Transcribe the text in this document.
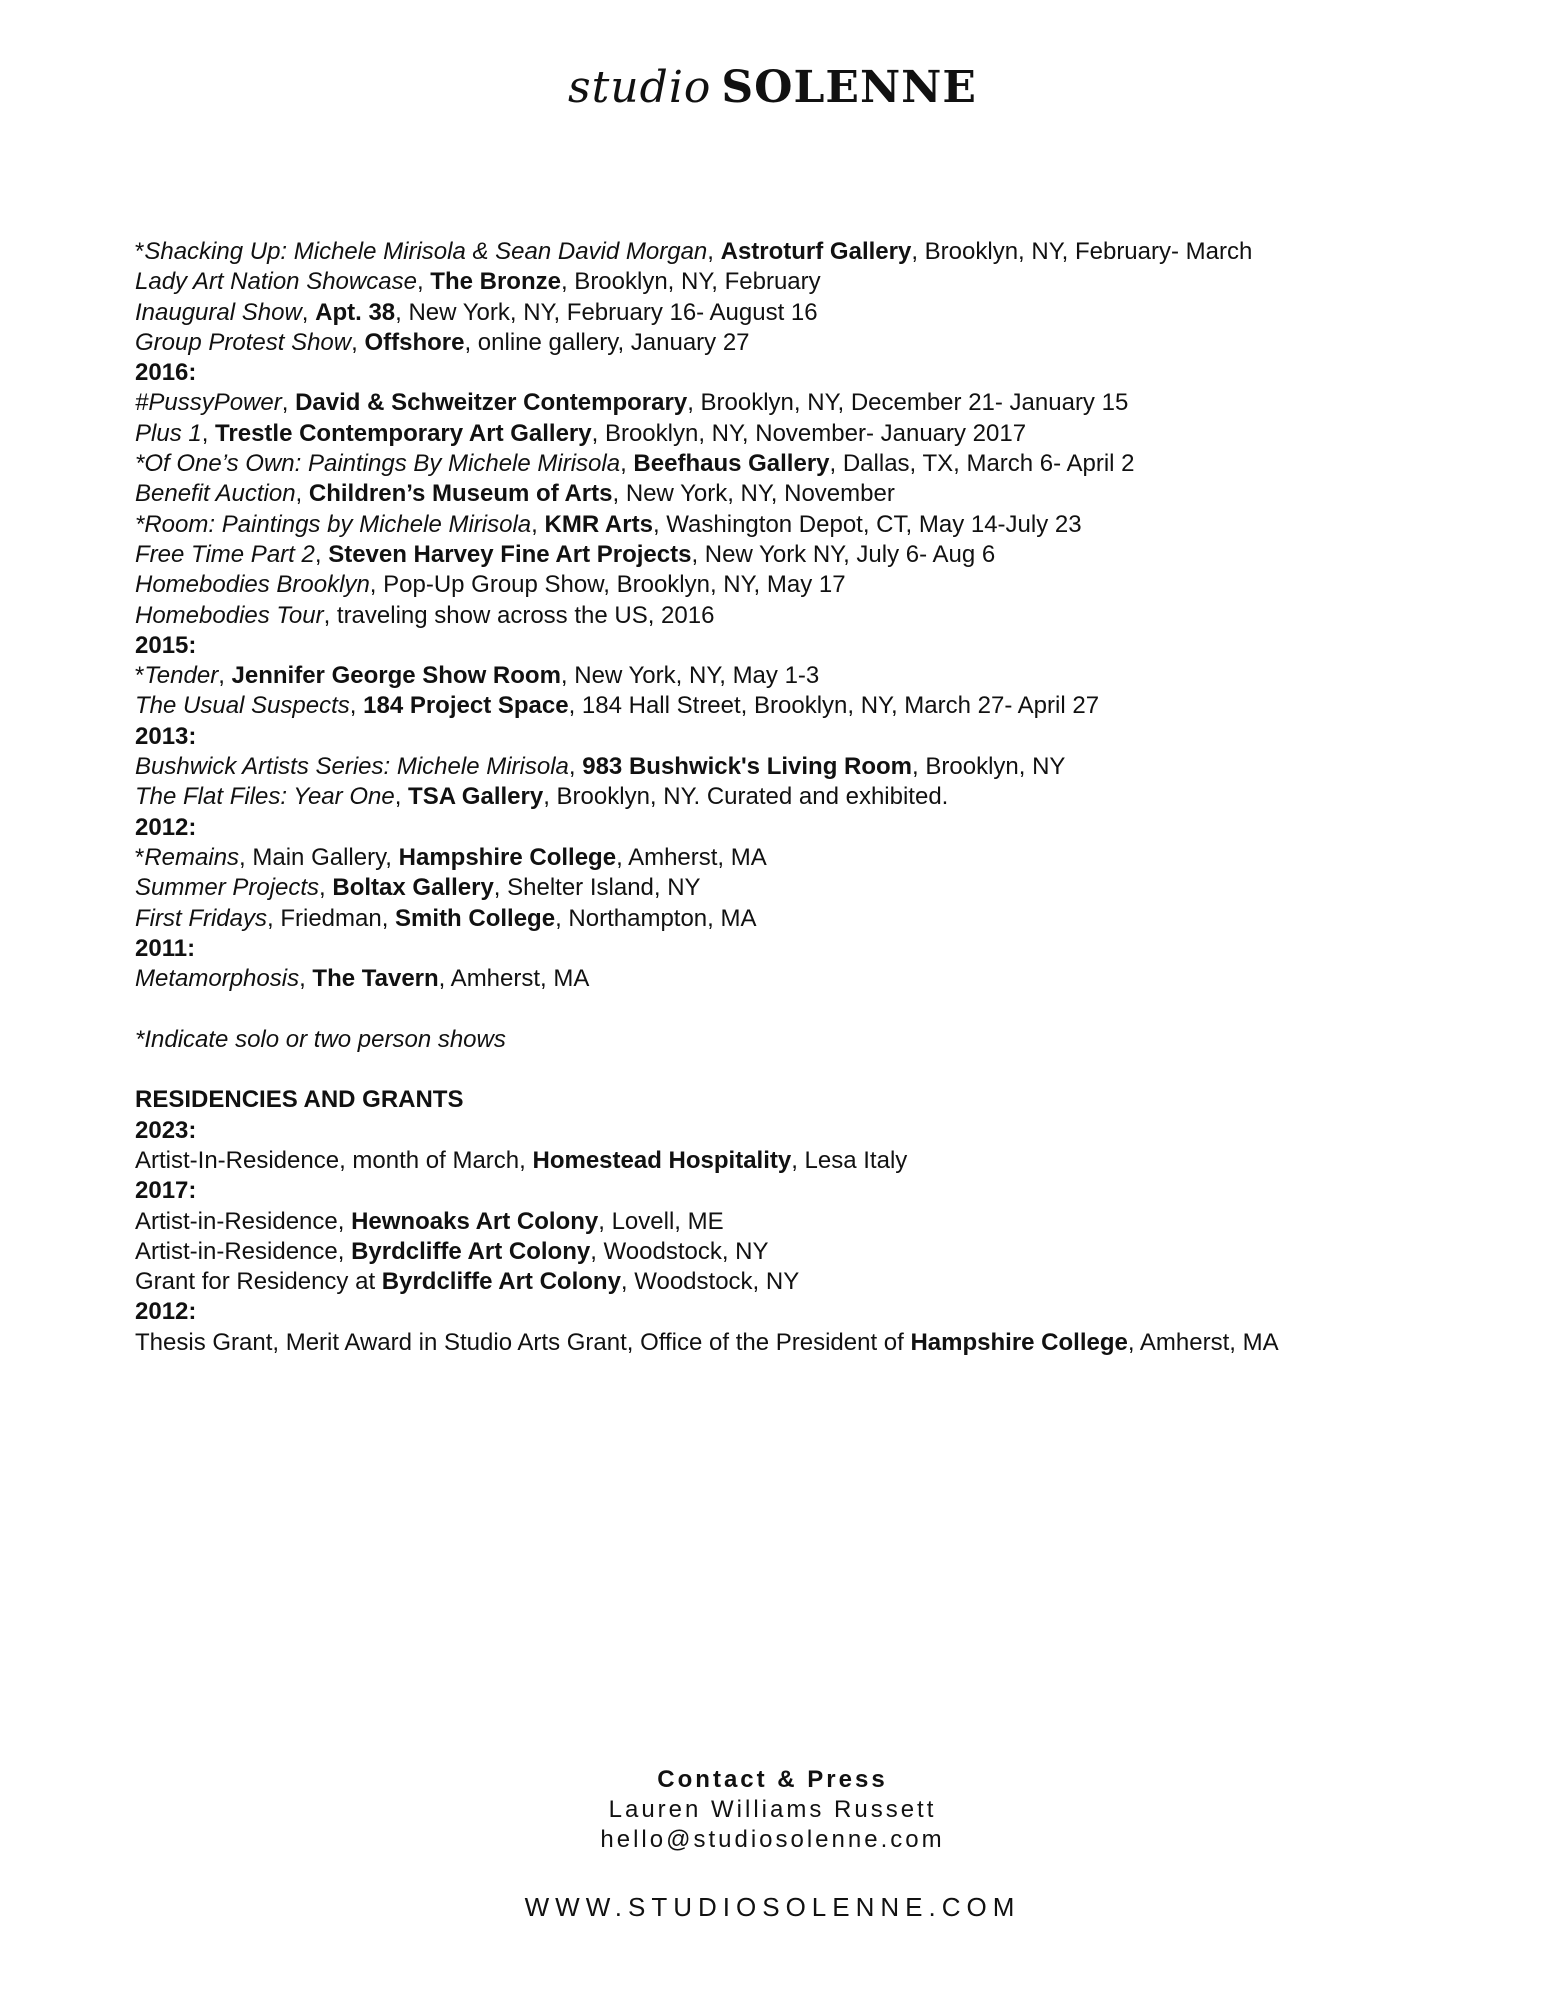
studio SOLENNE
*Shacking Up: Michele Mirisola & Sean David Morgan, Astroturf Gallery, Brooklyn, NY, February- March
Lady Art Nation Showcase, The Bronze, Brooklyn, NY, February
Inaugural Show, Apt. 38, New York, NY, February 16- August 16
Group Protest Show, Offshore, online gallery, January 27
2016:
#PussyPower, David & Schweitzer Contemporary, Brooklyn, NY, December 21- January 15
Plus 1, Trestle Contemporary Art Gallery, Brooklyn, NY, November- January 2017
*Of One’s Own: Paintings By Michele Mirisola, Beefhaus Gallery, Dallas, TX, March 6- April 2
Benefit Auction, Children’s Museum of Arts, New York, NY, November
*Room: Paintings by Michele Mirisola, KMR Arts, Washington Depot, CT, May 14-July 23
Free Time Part 2, Steven Harvey Fine Art Projects, New York NY, July 6- Aug 6
Homebodies Brooklyn, Pop-Up Group Show, Brooklyn, NY, May 17
Homebodies Tour, traveling show across the US, 2016
2015:
*Tender, Jennifer George Show Room, New York, NY, May 1-3
The Usual Suspects, 184 Project Space, 184 Hall Street, Brooklyn, NY, March 27- April 27
2013:
Bushwick Artists Series: Michele Mirisola, 983 Bushwick's Living Room, Brooklyn, NY
The Flat Files: Year One, TSA Gallery, Brooklyn, NY. Curated and exhibited.
2012:
*Remains, Main Gallery, Hampshire College, Amherst, MA
Summer Projects, Boltax Gallery, Shelter Island, NY
First Fridays, Friedman, Smith College, Northampton, MA
2011:
Metamorphosis, The Tavern, Amherst, MA
*Indicate solo or two person shows
RESIDENCIES AND GRANTS
2023:
Artist-In-Residence, month of March, Homestead Hospitality, Lesa Italy
2017:
Artist-in-Residence, Hewnoaks Art Colony, Lovell, ME
Artist-in-Residence, Byrdcliffe Art Colony, Woodstock, NY
Grant for Residency at Byrdcliffe Art Colony, Woodstock, NY
2012:
Thesis Grant, Merit Award in Studio Arts Grant, Office of the President of Hampshire College, Amherst, MA
Contact & Press
Lauren Williams Russett
hello@studiosolenne.com
WWW.STUDIOSOLENNE.COM
